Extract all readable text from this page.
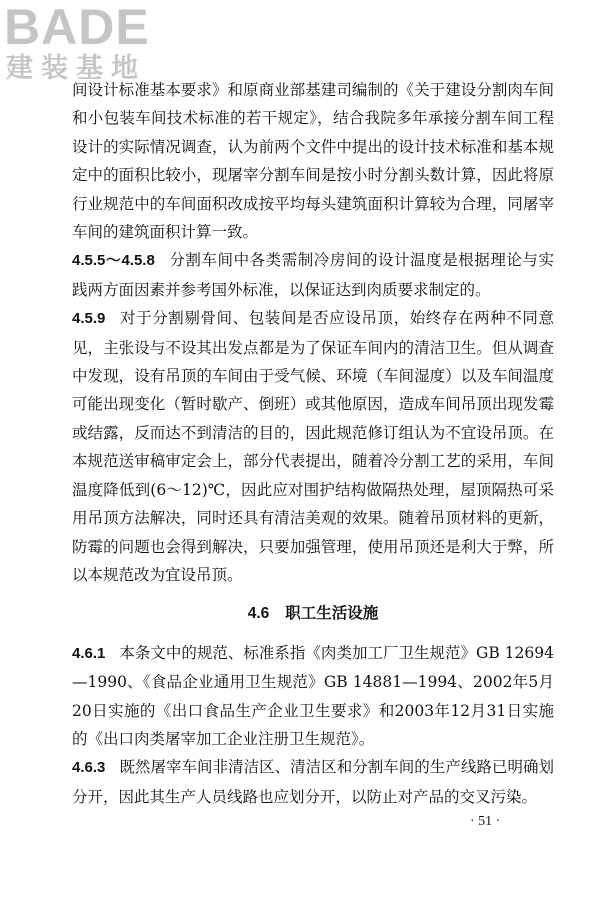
BADE
建装基地

间设计标准基本要求》和原商业部基建司编制的《关于建设分割肉车间和小包装车间技术标准的若干规定》，结合我院多年承接分割车间工程设计的实际情况调查，认为前两个文件中提出的设计技术标准和基本规定中的面积比较小，现屠宰分割车间是按小时分割头数计算，因此将原行业规范中的车间面积改成按平均每头建筑面积计算较为合理，同屠宰车间的建筑面积计算一致。

4.5.5～4.5.8 分割车间中各类需制冷房间的设计温度是根据理论与实践两方面因素并参考国外标准，以保证达到肉质要求制定的。

4.5.9 对于分割剔骨间、包装间是否应设吊顶，始终存在两种不同意见，主张设与不设其出发点都是为了保证车间内的清洁卫生。但从调查中发现，设有吊顶的车间由于受气候、环境（车间湿度）以及车间温度可能出现变化（暂时歇产、倒班）或其他原因，造成车间吊顶出现发霉或结露，反而达不到清洁的目的，因此规范修订组认为不宜设吊顶。在本规范送审稿审定会上，部分代表提出，随着冷分割工艺的采用，车间温度降低到(6～12)℃，因此应对围护结构做隔热处理，屋顶隔热可采用吊顶方法解决，同时还具有清洁美观的效果。随着吊顶材料的更新，防霉的问题也会得到解决，只要加强管理，使用吊顶还是利大于弊，所以本规范改为宜设吊顶。

4.6 职工生活设施

4.6.1 本条文中的规范、标准系指《肉类加工厂卫生规范》GB 12694—1990、《食品企业通用卫生规范》GB 14881—1994、2002年5月20日实施的《出口食品生产企业卫生要求》和2003年12月31日实施的《出口肉类屠宰加工企业注册卫生规范》。

4.6.3 既然屠宰车间非清洁区、清洁区和分割车间的生产线路已明确划分开，因此其生产人员线路也应划分开，以防止对产品的交叉污染。

· 51 ·
